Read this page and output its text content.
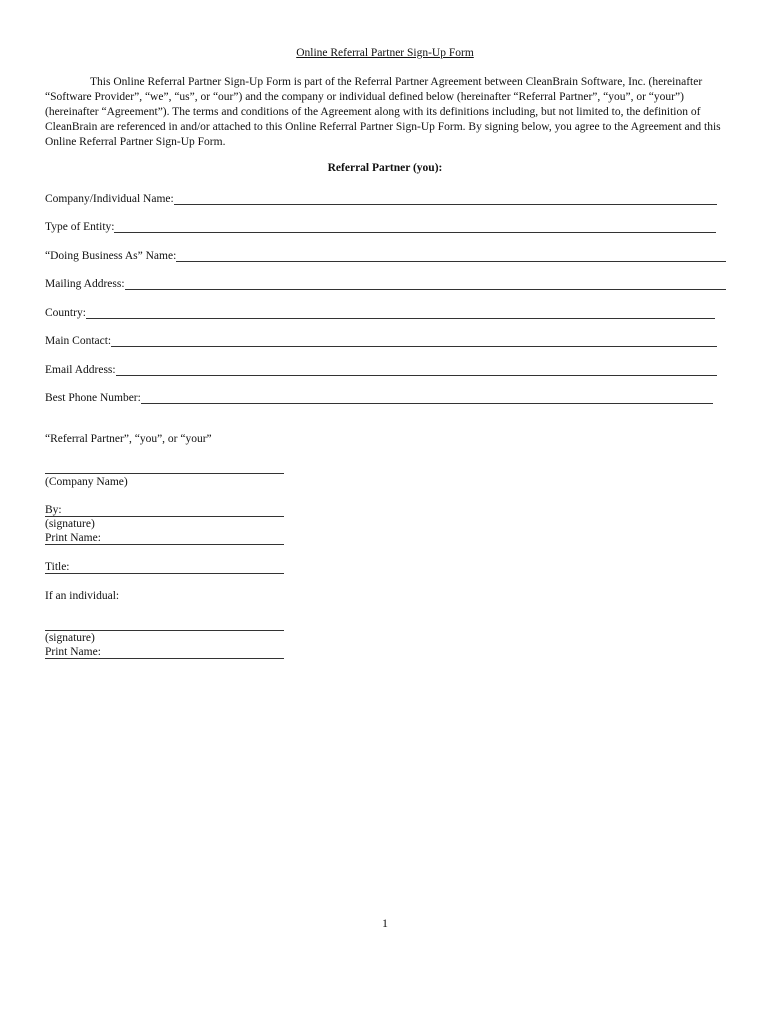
Online Referral Partner Sign-Up Form

This Online Referral Partner Sign-Up Form is part of the Referral Partner Agreement between CleanBrain Software, Inc. (hereinafter “Software Provider”, “we”, “us”, or “our”) and the company or individual defined below (hereinafter “Referral Partner”, “you”, or “your”) (hereinafter “Agreement”). The terms and conditions of the Agreement along with its definitions including, but not limited to, the definition of CleanBrain are referenced in and/or attached to this Online Referral Partner Sign-Up Form. By signing below, you agree to the Agreement and this Online Referral Partner Sign-Up Form.

Referral Partner (you):
Company/Individual Name:
Type of Entity:
“Doing Business As” Name:
Mailing Address:
Country:
Main Contact:
Email Address:
Best Phone Number:
“Referral Partner”, “you”, or “your”
(Company Name)
By:
(signature)
Print Name:
Title:
If an individual:
(signature)
Print Name:
1
